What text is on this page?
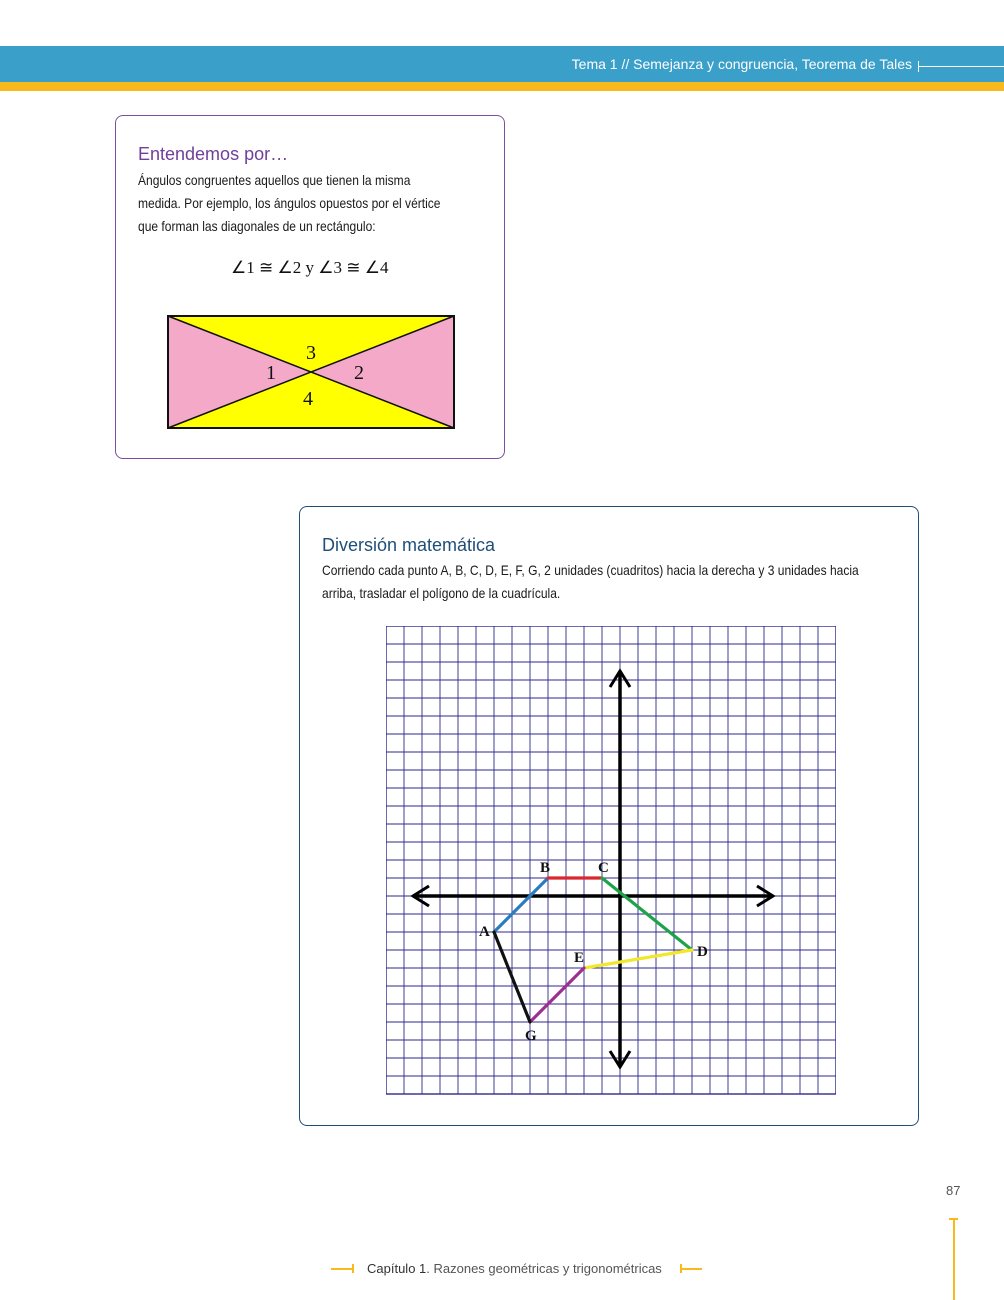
Tema 1 // Semejanza y congruencia, Teorema de Tales
Entendemos por…
Ángulos congruentes aquellos que tienen la misma
medida. Por ejemplo, los ángulos opuestos por el vértice
que forman las diagonales de un rectángulo:
∠1 ≅ ∠2 y ∠3 ≅ ∠4
3
1	2
4
Diversión matemática
Corriendo cada punto A, B, C, D, E, F, G, 2 unidades (cuadritos) hacia la derecha y 3 unidades hacia
arriba, trasladar el polígono de la cuadrícula.
A
B	C
D
E
G
87
Capítulo 1. Razones geométricas y trigonométricas
